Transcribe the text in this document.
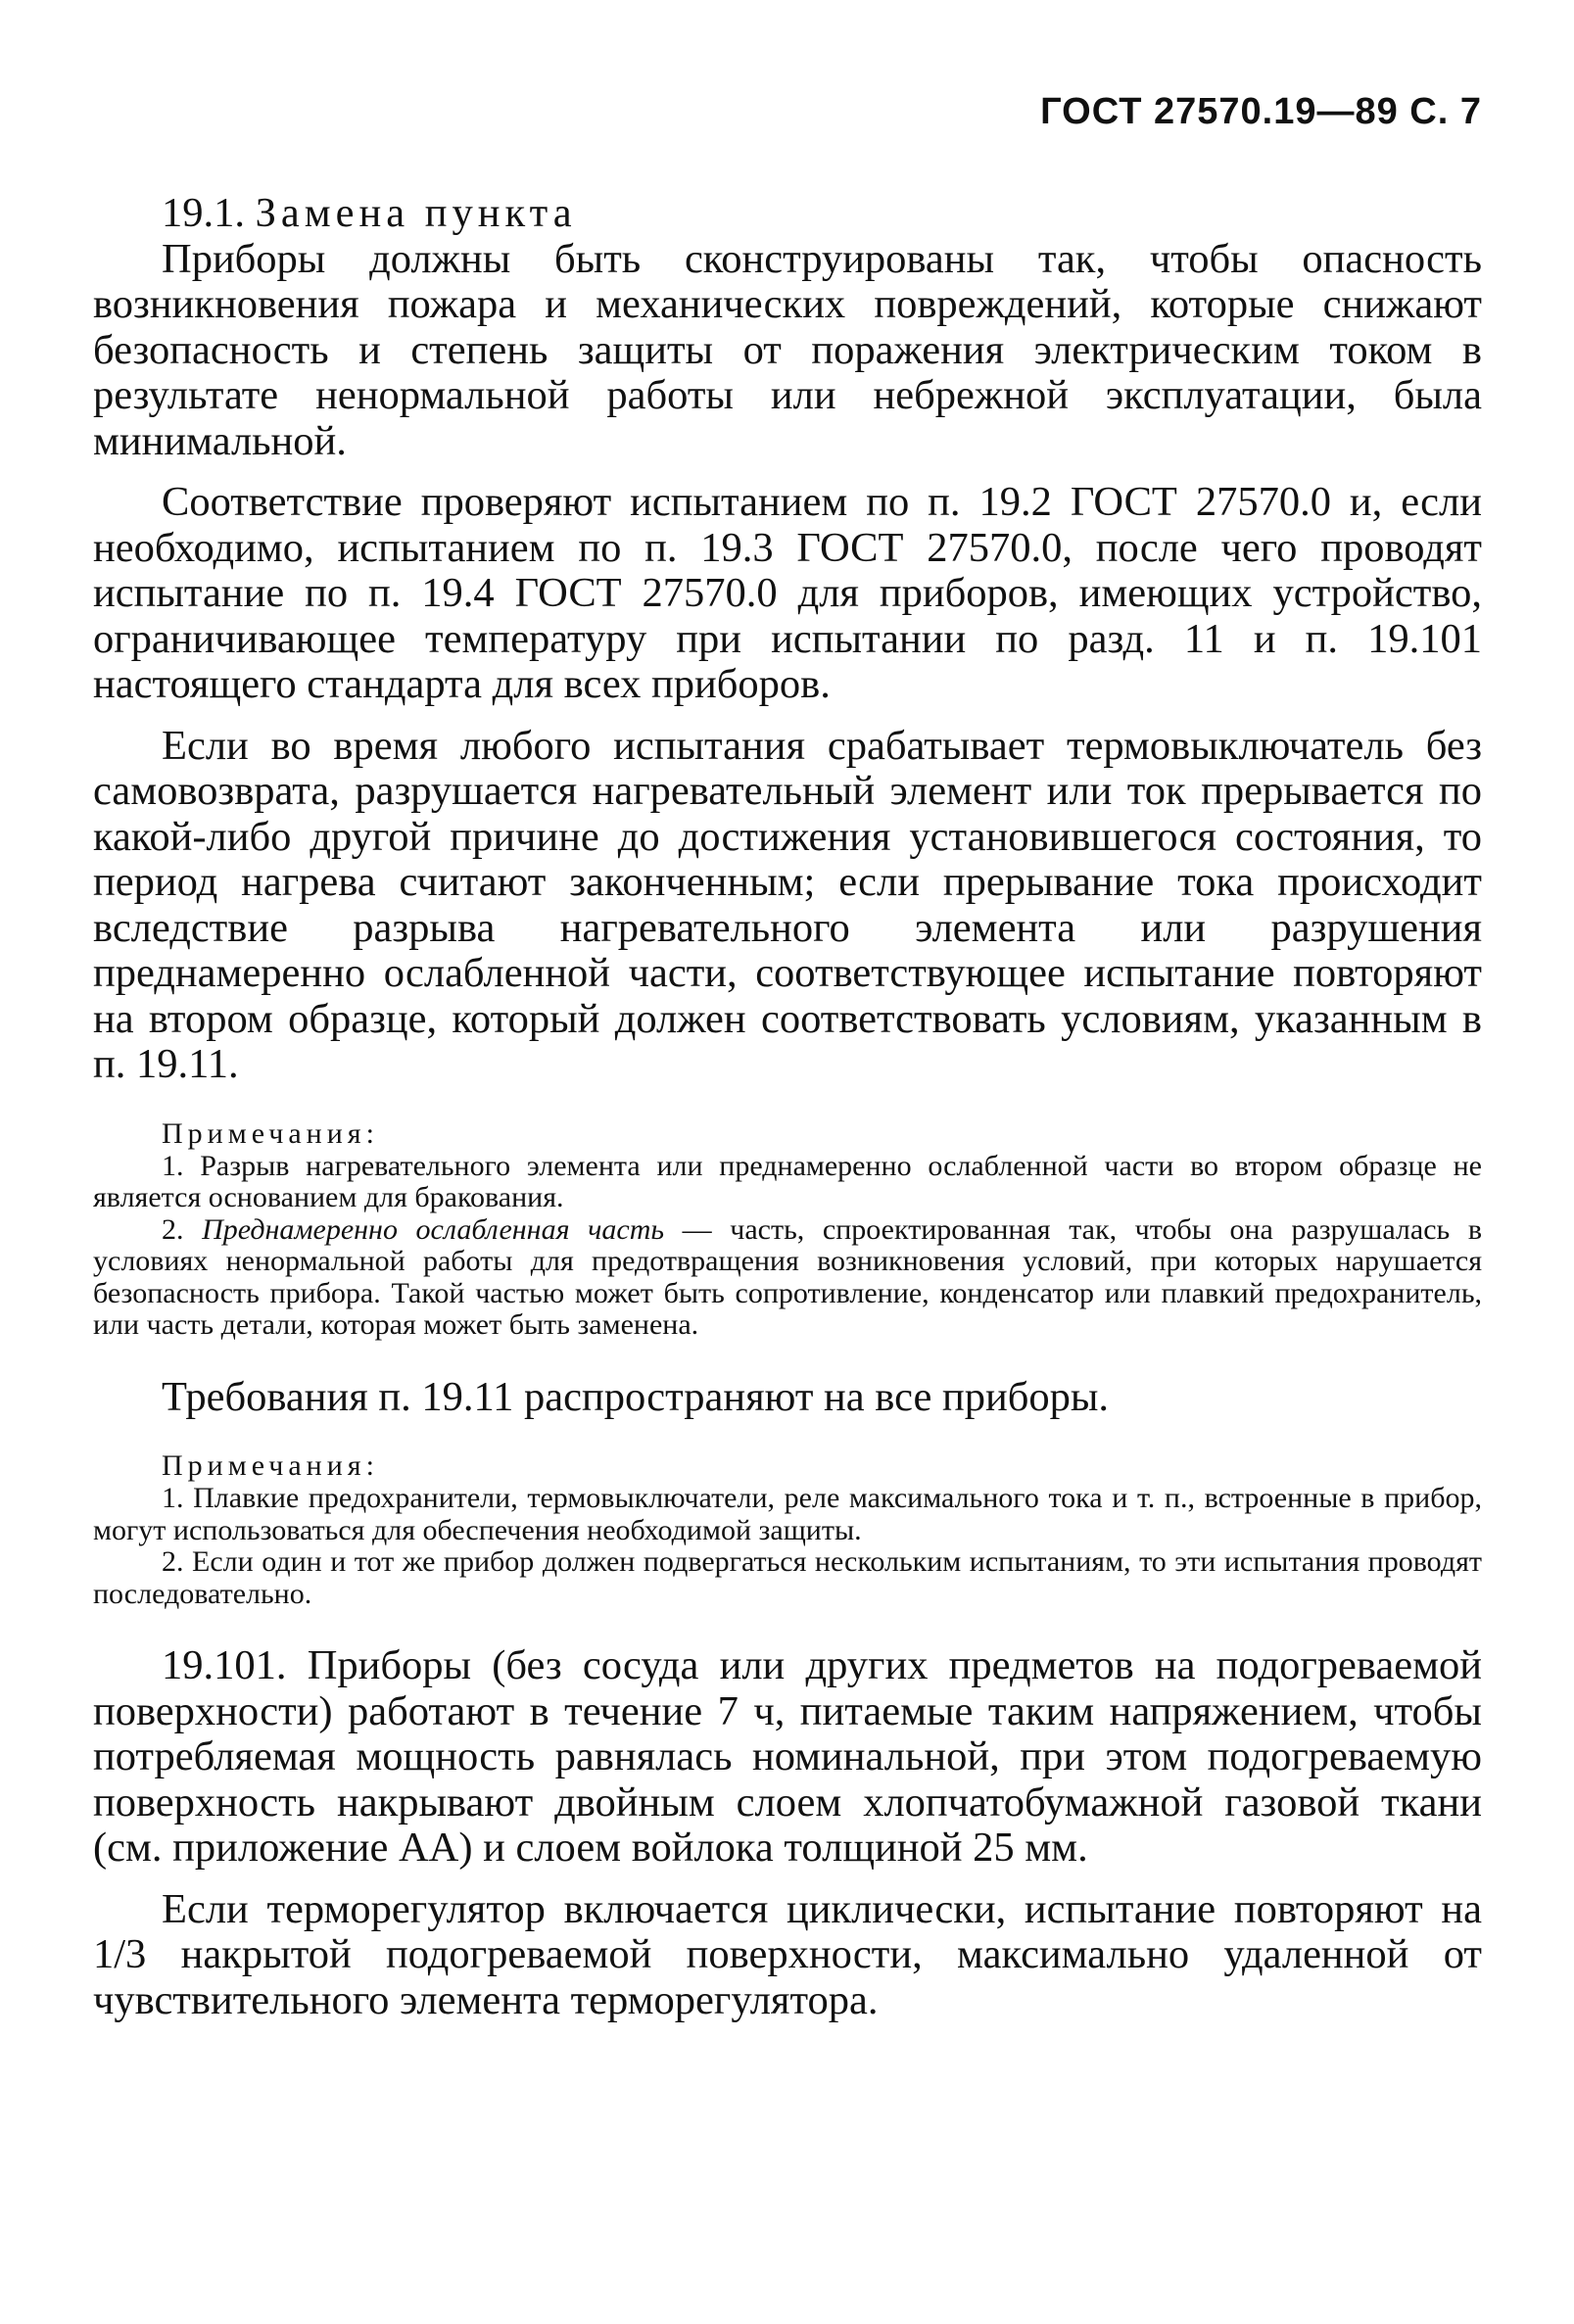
ГОСТ 27570.19—89 С. 7

19.1. Замена пункта

Приборы должны быть сконструированы так, чтобы опасность возникновения пожара и механических повреждений, которые снижают безопасность и степень защиты от поражения электрическим током в результате ненормальной работы или небрежной эксплуатации, была минимальной.

Соответствие проверяют испытанием по п. 19.2 ГОСТ 27570.0 и, если необходимо, испытанием по п. 19.3 ГОСТ 27570.0, после чего проводят испытание по п. 19.4 ГОСТ 27570.0 для приборов, имеющих устройство, ограничивающее температуру при испытании по разд. 11 и п. 19.101 настоящего стандарта для всех приборов.

Если во время любого испытания срабатывает термовыключатель без самовозврата, разрушается нагревательный элемент или ток прерывается по какой-либо другой причине до достижения установившегося состояния, то период нагрева считают законченным; если прерывание тока происходит вследствие разрыва нагревательного элемента или разрушения преднамеренно ослабленной части, соответствующее испытание повторяют на втором образце, который должен соответствовать условиям, указанным в п. 19.11.

Примечания:

1. Разрыв нагревательного элемента или преднамеренно ослабленной части во втором образце не является основанием для бракования.

2. Преднамеренно ослабленная часть — часть, спроектированная так, чтобы она разрушалась в условиях ненормальной работы для предотвращения возникновения условий, при которых нарушается безопасность прибора. Такой частью может быть сопротивление, конденсатор или плавкий предохранитель, или часть детали, которая может быть заменена.

Требования п. 19.11 распространяют на все приборы.

Примечания:

1. Плавкие предохранители, термовыключатели, реле максимального тока и т. п., встроенные в прибор, могут использоваться для обеспечения необходимой защиты.

2. Если один и тот же прибор должен подвергаться нескольким испытаниям, то эти испытания проводят последовательно.

19.101. Приборы (без сосуда или других предметов на подогреваемой поверхности) работают в течение 7 ч, питаемые таким напряжением, чтобы потребляемая мощность равнялась номинальной, при этом подогреваемую поверхность накрывают двойным слоем хлопчатобумажной газовой ткани (см. приложение АА) и слоем войлока толщиной 25 мм.

Если терморегулятор включается циклически, испытание повторяют на 1/3 накрытой подогреваемой поверхности, максимально удаленной от чувствительного элемента терморегулятора.
